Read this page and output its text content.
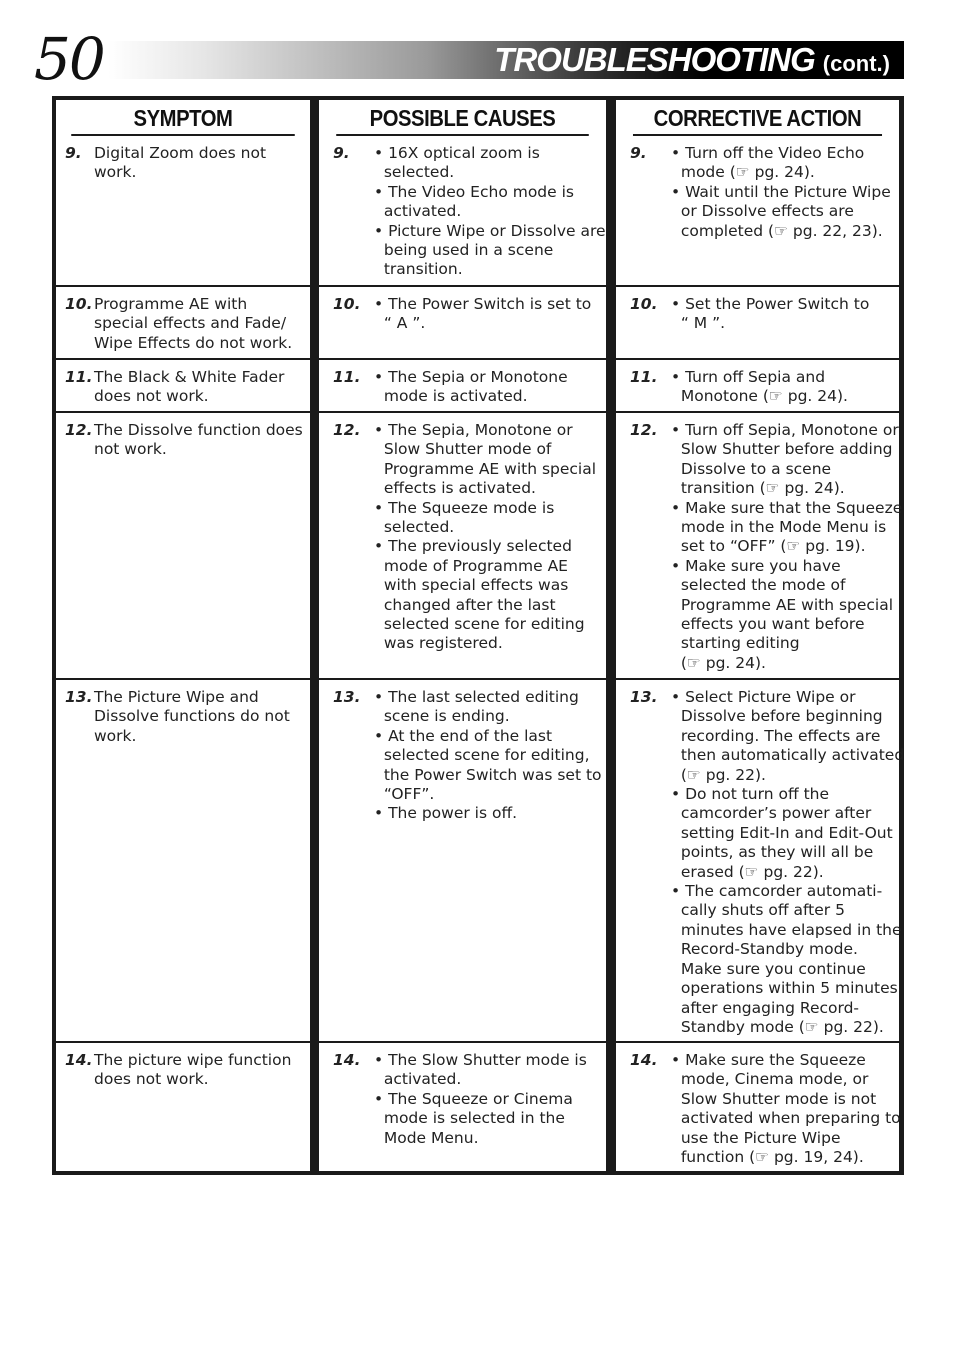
50	TROUBLESHOOTING (cont.)
SYMPTOM
9. Digital Zoom does not
work.
10. Programme AE with
special effects and Fade/
Wipe Effects do not work.
11. The Black & White Fader
does not work.
12. The Dissolve function does
not work.
13. The Picture Wipe and
Dissolve functions do not
work.
14. The picture wipe function
does not work.
POSSIBLE CAUSES
9. • 16X optical zoom is
selected.
• The Video Echo mode is
activated.
• Picture Wipe or Dissolve are
being used in a scene
transition.
10. • The Power Switch is set to
“ A ”.
11. • The Sepia or Monotone
mode is activated.
12. • The Sepia, Monotone or
Slow Shutter mode of
Programme AE with special
effects is activated.
• The Squeeze mode is
selected.
• The previously selected
mode of Programme AE
with special effects was
changed after the last
selected scene for editing
was registered.
13. • The last selected editing
scene is ending.
• At the end of the last
selected scene for editing,
the Power Switch was set to
“OFF”.
• The power is off.
14. • The Slow Shutter mode is
activated.
• The Squeeze or Cinema
mode is selected in the
Mode Menu.
CORRECTIVE ACTION
9. • Turn off the Video Echo
mode (☞ pg. 24).
• Wait until the Picture Wipe
or Dissolve effects are
completed (☞ pg. 22, 23).
10. • Set the Power Switch to
“ M ”.
11. • Turn off Sepia and
Monotone (☞ pg. 24).
12. • Turn off Sepia, Monotone or
Slow Shutter before adding
Dissolve to a scene
transition (☞ pg. 24).
• Make sure that the Squeeze
mode in the Mode Menu is
set to “OFF” (☞ pg. 19).
• Make sure you have
selected the mode of
Programme AE with special
effects you want before
starting editing
(☞ pg. 24).
13. • Select Picture Wipe or
Dissolve before beginning
recording. The effects are
then automatically activated
(☞ pg. 22).
• Do not turn off the
camcorder’s power after
setting Edit-In and Edit-Out
points, as they will all be
erased (☞ pg. 22).
• The camcorder automati-
cally shuts off after 5
minutes have elapsed in the
Record-Standby mode.
Make sure you continue
operations within 5 minutes
after engaging Record-
Standby mode (☞ pg. 22).
14. • Make sure the Squeeze
mode, Cinema mode, or
Slow Shutter mode is not
activated when preparing to
use the Picture Wipe
function (☞ pg. 19, 24).
